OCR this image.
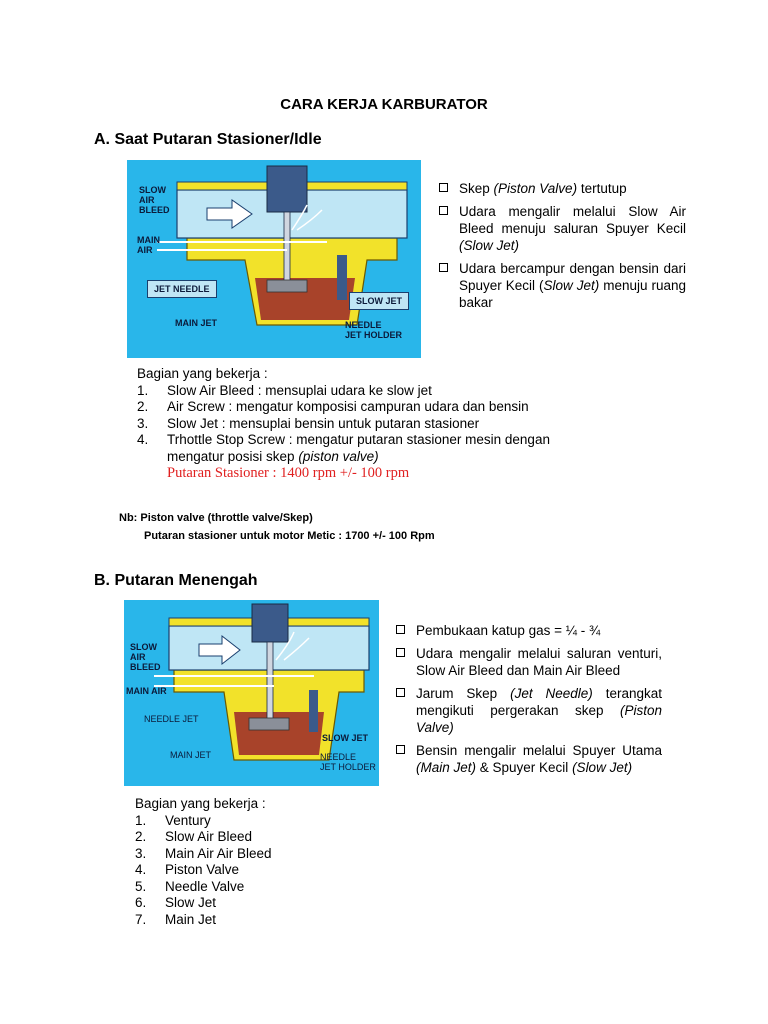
CARA KERJA KARBURATOR
A. Saat Putaran Stasioner/Idle
SLOW
AIR
BLEED
MAIN
AIR
JET NEEDLE
SLOW JET
MAIN JET	NEEDLE
JET HOLDER
Skep (Piston Valve) tertutup
Udara mengalir melalui Slow Air Bleed menuju saluran Spuyer Kecil (Slow Jet)
Udara bercampur dengan bensin dari Spuyer Kecil (Slow Jet) menuju ruang bakar
Bagian yang bekerja :
1.	Slow Air Bleed : mensuplai udara ke slow jet
2.	Air Screw : mengatur komposisi campuran udara dan bensin
3.	Slow Jet : mensuplai bensin untuk putaran stasioner
4.	Trhottle Stop Screw : mengatur putaran stasioner mesin dengan
mengatur posisi skep (piston valve)
Putaran Stasioner : 1400 rpm +/- 100 rpm
Nb: Piston valve (throttle valve/Skep)
Putaran stasioner untuk motor Metic : 1700 +/- 100 Rpm
B. Putaran Menengah
SLOW
AIR
BLEED
MAIN AIR
NEEDLE JET
MAIN JET
SLOW JET
NEEDLE
JET HOLDER
Pembukaan katup gas = ¼ - ¾
Udara mengalir melalui saluran venturi, Slow Air Bleed dan Main Air Bleed
Jarum Skep (Jet Needle) terangkat mengikuti pergerakan skep (Piston Valve)
Bensin mengalir melalui Spuyer Utama (Main Jet) & Spuyer Kecil (Slow Jet)
Bagian yang bekerja :
1.	Ventury
2.	Slow Air Bleed
3.	Main Air Air Bleed
4.	Piston Valve
5.	Needle Valve
6.	Slow Jet
7.	Main Jet
